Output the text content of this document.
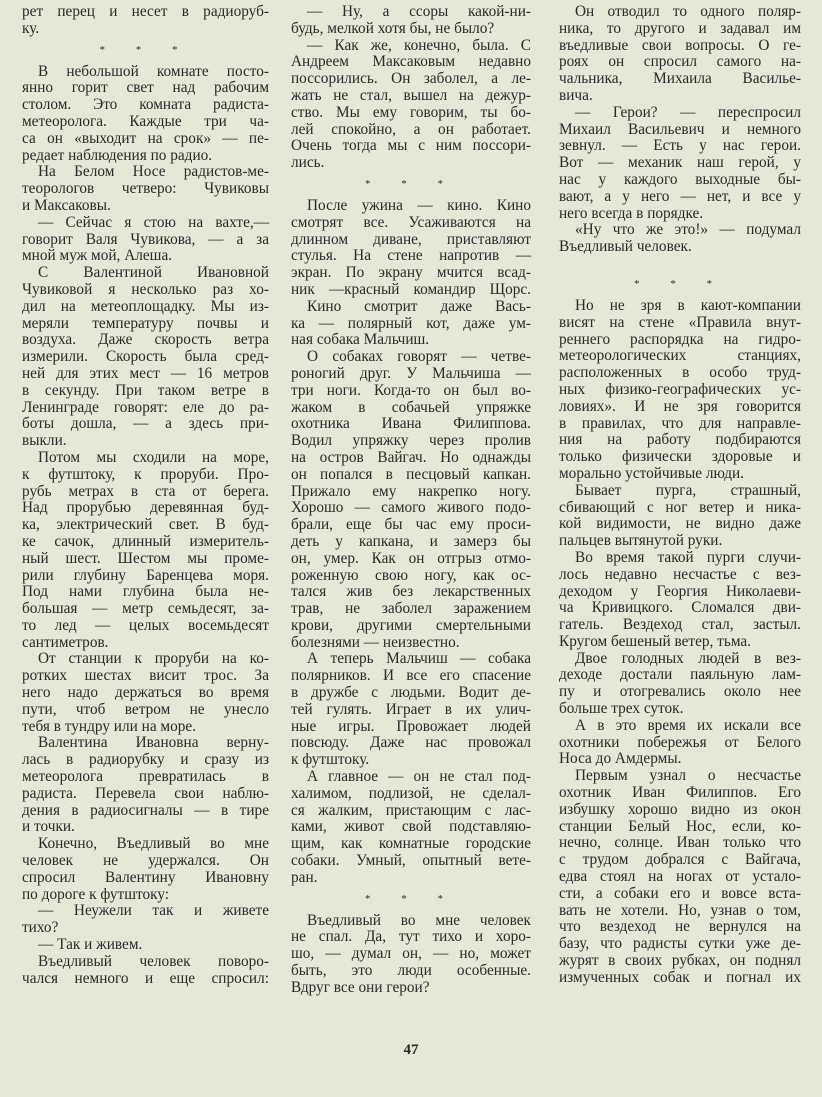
рет перец и несет в радиоруб-
ку.
* * *
В небольшой комнате посто-
янно горит свет над рабочим
столом. Это комната радиста-
метеоролога. Каждые три ча-
са он «выходит на срок» — пе-
редает наблюдения по радио.
На Белом Носе радистов-ме-
теорологов четверо: Чувиковы
и Максаковы.
— Сейчас я стою на вахте,—
говорит Валя Чувикова, — а за
мной муж мой, Алеша.
С Валентиной Ивановной
Чувиковой я несколько раз хо-
дил на метеоплощадку. Мы из-
меряли температуру почвы и
воздуха. Даже скорость ветра
измерили. Скорость была сред-
ней для этих мест — 16 метров
в секунду. При таком ветре в
Ленинграде говорят: еле до ра-
боты дошла, — а здесь при-
выкли.
Потом мы сходили на море,
к футштоку, к проруби. Про-
рубь метрах в ста от берега.
Над прорубью деревянная буд-
ка, электрический свет. В буд-
ке сачок, длинный измеритель-
ный шест. Шестом мы проме-
рили глубину Баренцева моря.
Под нами глубина была не-
большая — метр семьдесят, за-
то лед — целых восемьдесят
сантиметров.
От станции к проруби на ко-
ротких шестах висит трос. За
него надо держаться во время
пути, чтоб ветром не унесло
тебя в тундру или на море.
Валентина Ивановна верну-
лась в радиорубку и сразу из
метеоролога превратилась в
радиста. Перевела свои наблю-
дения в радиосигналы — в тире
и точки.
Конечно, Въедливый во мне
человек не удержался. Он
спросил Валентину Ивановну
по дороге к футштоку:
— Неужели так и живете
тихо?
— Так и живем.
Въедливый человек поворо-
чался немного и еще спросил:
— Ну, а ссоры какой-ни-
будь, мелкой хотя бы, не было?
— Как же, конечно, была. С
Андреем Максаковым недавно
поссорились. Он заболел, а ле-
жать не стал, вышел на дежур-
ство. Мы ему говорим, ты бо-
лей спокойно, а он работает.
Очень тогда мы с ним поссори-
лись.
* * *
После ужина — кино. Кино
смотрят все. Усаживаются на
длинном диване, приставляют
стулья. На стене напротив —
экран. По экрану мчится всад-
ник —красный командир Щорс.
Кино смотрит даже Вась-
ка — полярный кот, даже ум-
ная собака Мальчиш.
О собаках говорят — четве-
роногий друг. У Мальчиша —
три ноги. Когда-то он был во-
жаком в собачьей упряжке
охотника Ивана Филиппова.
Водил упряжку через пролив
на остров Вайгач. Но однажды
он попался в песцовый капкан.
Прижало ему накрепко ногу.
Хорошо — самого живого подо-
брали, еще бы час ему проси-
деть у капкана, и замерз бы
он, умер. Как он отгрыз отмо-
роженную свою ногу, как ос-
тался жив без лекарственных
трав, не заболел заражением
крови, другими смертельными
болезнями — неизвестно.
А теперь Мальчиш — собака
полярников. И все его спасение
в дружбе с людьми. Водит де-
тей гулять. Играет в их улич-
ные игры. Провожает людей
повсюду. Даже нас провожал
к футштоку.
А главное — он не стал под-
халимом, подлизой, не сделал-
ся жалким, пристающим с лас-
ками, живот свой подставляю-
щим, как комнатные городские
собаки. Умный, опытный вете-
ран.
* * *
Въедливый во мне человек
не спал. Да, тут тихо и хоро-
шо, — думал он, — но, может
быть, это люди особенные.
Вдруг все они герои?
Он отводил то одного поляр-
ника, то другого и задавал им
въедливые свои вопросы. О ге-
роях он спросил самого на-
чальника, Михаила Василье-
вича.
— Герои? — переспросил
Михаил Васильевич и немного
зевнул. — Есть у нас герои.
Вот — механик наш герой, у
нас у каждого выходные бы-
вают, а у него — нет, и все у
него всегда в порядке.
«Ну что же это!» — подумал
Въедливый человек.
* * *
Но не зря в кают-компании
висят на стене «Правила внут-
реннего распорядка на гидро-
метеорологических станциях,
расположенных в особо труд-
ных физико-географических ус-
ловиях». И не зря говорится
в правилах, что для направле-
ния на работу подбираются
только физически здоровые и
морально устойчивые люди.
Бывает пурга, страшный,
сбивающий с ног ветер и ника-
кой видимости, не видно даже
пальцев вытянутой руки.
Во время такой пурги случи-
лось недавно несчастье с вез-
деходом у Георгия Николаеви-
ча Кривицкого. Сломался дви-
гатель. Вездеход стал, застыл.
Кругом бешеный ветер, тьма.
Двое голодных людей в вез-
деходе достали паяльную лам-
пу и отогревались около нее
больше трех суток.
А в это время их искали все
охотники побережья от Белого
Носа до Амдермы.
Первым узнал о несчастье
охотник Иван Филиппов. Его
избушку хорошо видно из окон
станции Белый Нос, если, ко-
нечно, солнце. Иван только что
с трудом добрался с Вайгача,
едва стоял на ногах от устало-
сти, а собаки его и вовсе вста-
вать не хотели. Но, узнав о том,
что вездеход не вернулся на
базу, что радисты сутки уже де-
журят в своих рубках, он поднял
измученных собак и погнал их
47
